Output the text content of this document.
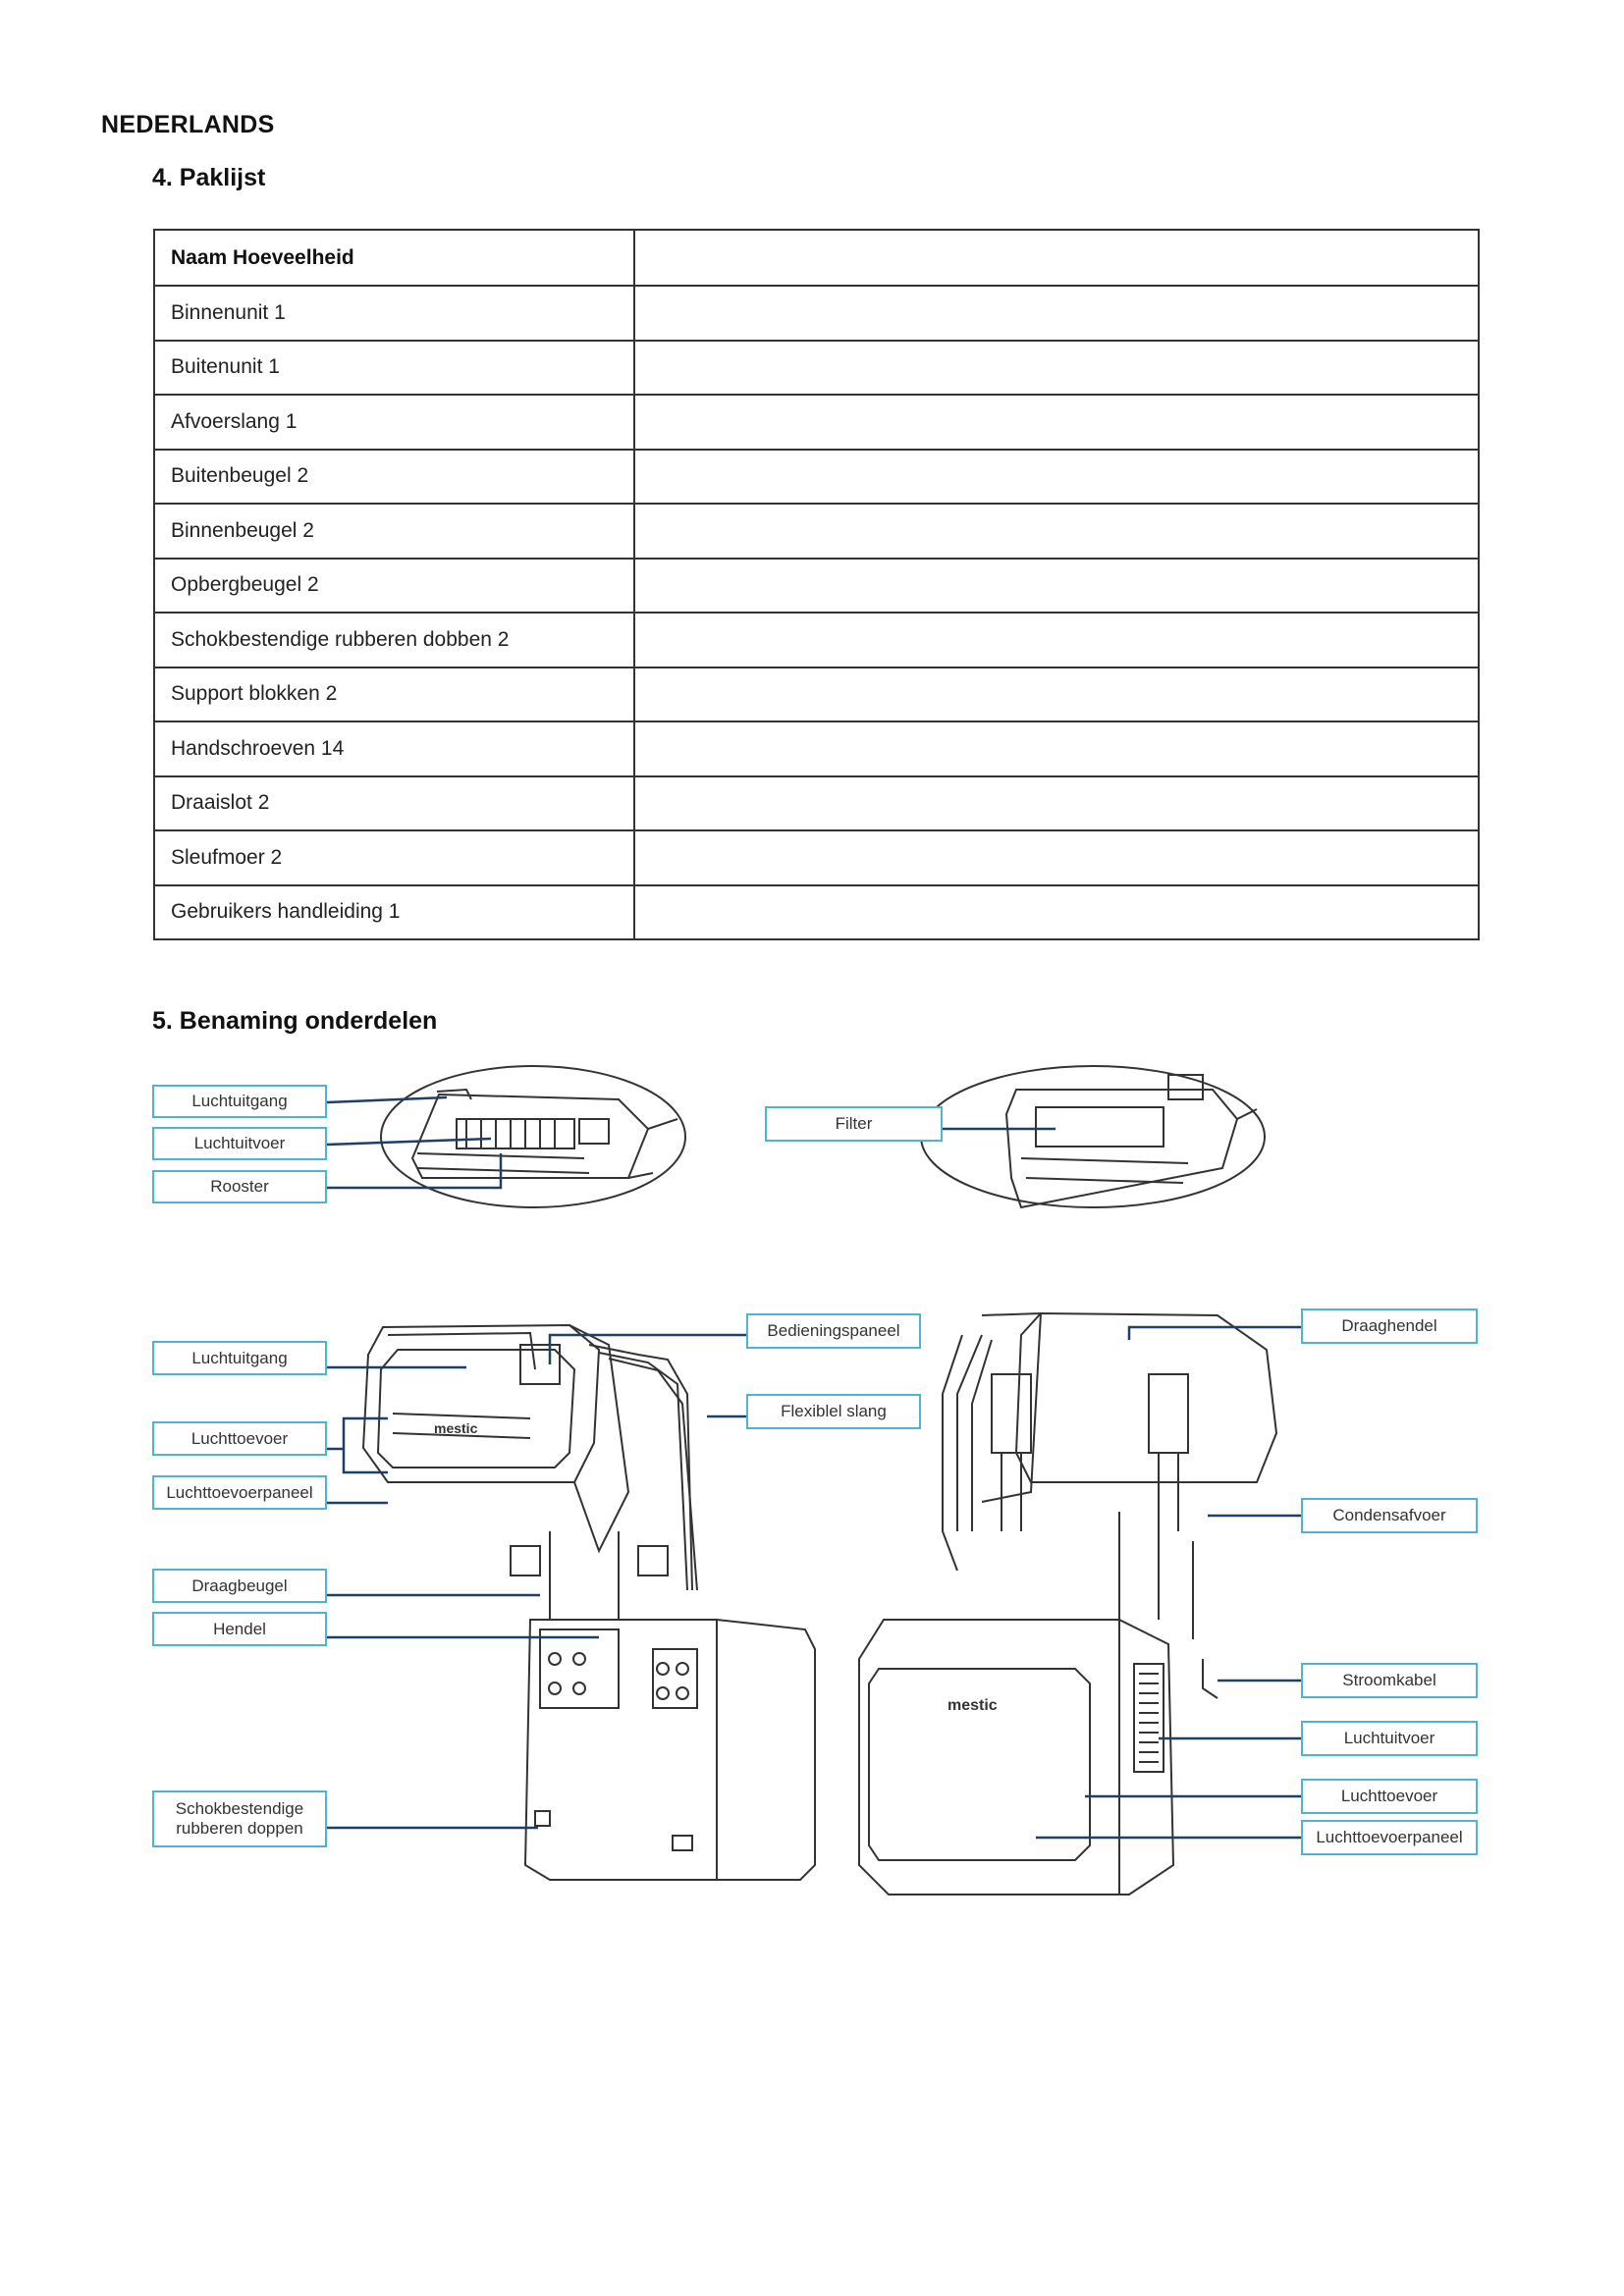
NEDERLANDS
4. Paklijst
Naam Hoeveelheid	
Binnenunit 1	
Buitenunit 1	
Afvoerslang 1	
Buitenbeugel 2	
Binnenbeugel 2	
Opbergbeugel 2	
Schokbestendige rubberen dobben 2	
Support blokken 2	
Handschroeven 14	
Draaislot 2	
Sleufmoer 2	
Gebruikers handleiding 1	
5. Benaming onderdelen
mestic
mestic
Luchtuitgang
Luchtuitvoer
Rooster
Filter
Luchtuitgang
Luchttoevoer
Luchttoevoerpaneel
Draagbeugel
Hendel
Schokbestendige rubberen doppen
Bedieningspaneel
Flexiblel slang
Draaghendel
Condensafvoer
Stroomkabel
Luchtuitvoer
Luchttoevoer
Luchttoevoerpaneel
